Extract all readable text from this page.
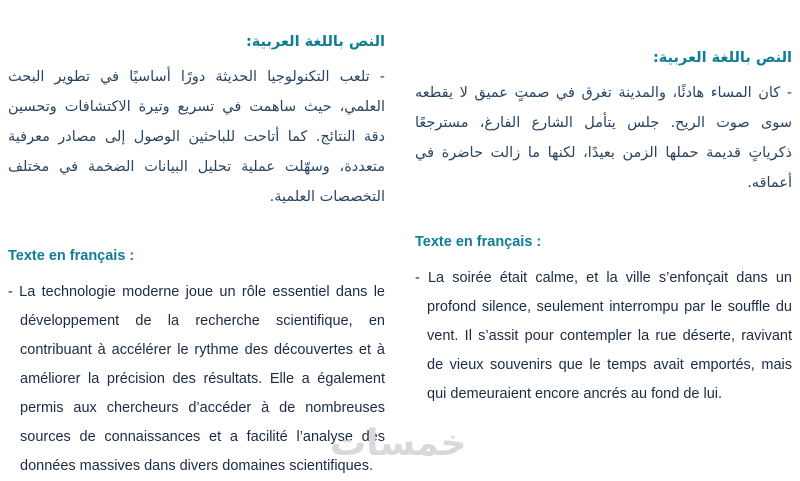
النص باللغة العربية:
- تلعب التكنولوجيا الحديثة دورًا أساسيًا في تطوير البحث العلمي، حيث ساهمت في تسريع وتيرة الاكتشافات وتحسين دقة النتائج. كما أتاحت للباحثين الوصول إلى مصادر معرفية متعددة، وسهّلت عملية تحليل البيانات الضخمة في مختلف التخصصات العلمية.
Texte en français :
- La technologie moderne joue un rôle essentiel dans le développement de la recherche scientifique, en contribuant à accélérer le rythme des découvertes et à améliorer la précision des résultats. Elle a également permis aux chercheurs d’accéder à de nombreuses sources de connaissances et a facilité l’analyse des données massives dans divers domaines scientifiques.
النص باللغة العربية:
- كان المساء هادئًا، والمدينة تغرق في صمتٍ عميق لا يقطعه سوى صوت الريح. جلس يتأمل الشارع الفارغ، مسترجعًا ذكرياتٍ قديمة حملها الزمن بعيدًا، لكنها ما زالت حاضرة في أعماقه.
Texte en français :
- La soirée était calme, et la ville s’enfonçait dans un profond silence, seulement interrompu par le souffle du vent. Il s’assit pour contempler la rue déserte, ravivant de vieux souvenirs que le temps avait emportés, mais qui demeuraient encore ancrés au fond de lui.
خمسات
